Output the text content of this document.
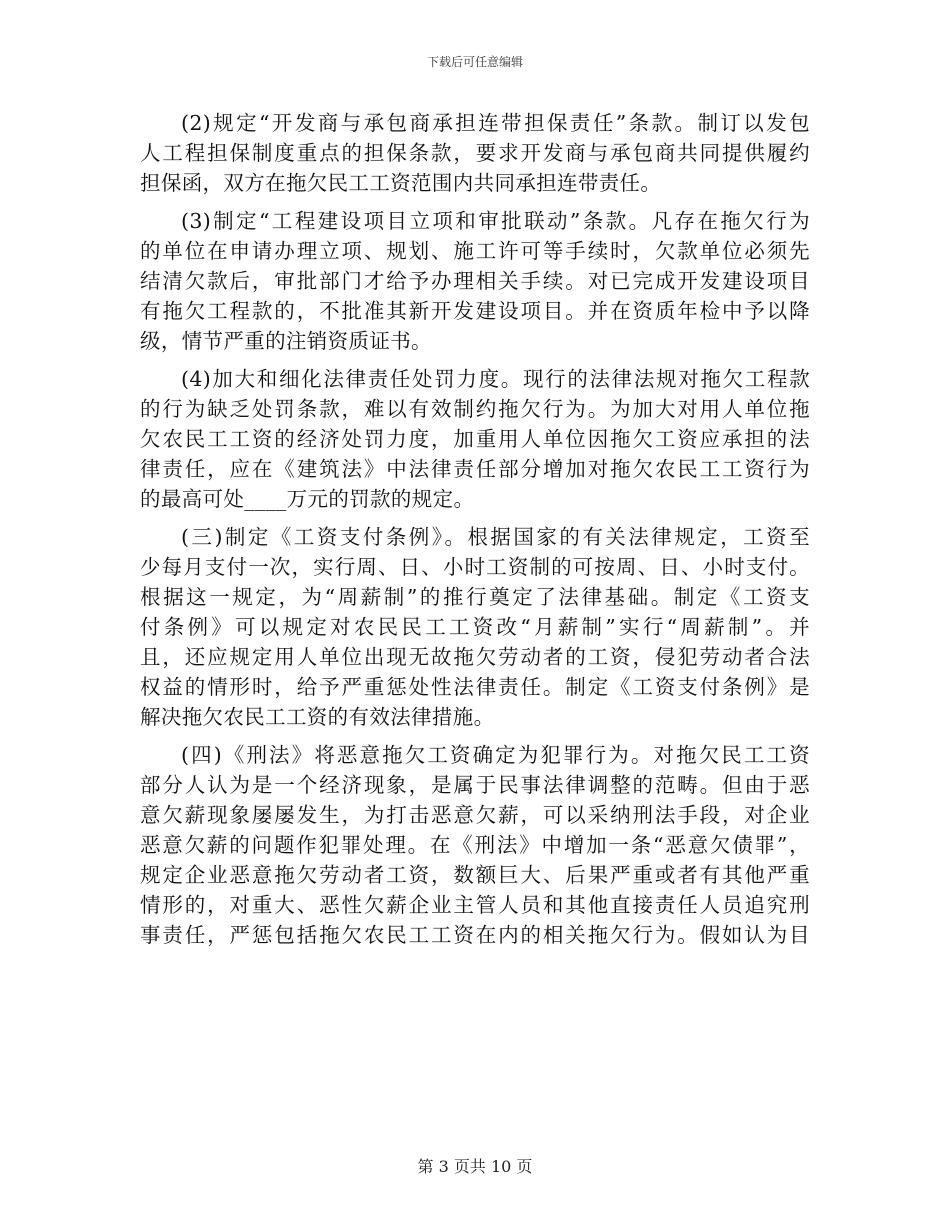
下载后可任意编辑
(2)规定“开发商与承包商承担连带担保责任”条款。制订以发包
人工程担保制度重点的担保条款，要求开发商与承包商共同提供履约
担保函，双方在拖欠民工工资范围内共同承担连带责任。
(3)制定“工程建设项目立项和审批联动”条款。凡存在拖欠行为
的单位在申请办理立项、规划、施工许可等手续时，欠款单位必须先
结清欠款后，审批部门才给予办理相关手续。对已完成开发建设项目
有拖欠工程款的，不批准其新开发建设项目。并在资质年检中予以降
级，情节严重的注销资质证书。
(4)加大和细化法律责任处罚力度。现行的法律法规对拖欠工程款
的行为缺乏处罚条款，难以有效制约拖欠行为。为加大对用人单位拖
欠农民工工资的经济处罚力度，加重用人单位因拖欠工资应承担的法
律责任，应在《建筑法》中法律责任部分增加对拖欠农民工工资行为
的最高可处____万元的罚款的规定。
(三)制定《工资支付条例》。根据国家的有关法律规定，工资至
少每月支付一次，实行周、日、小时工资制的可按周、日、小时支付。
根据这一规定，为“周薪制”的推行奠定了法律基础。制定《工资支
付条例》可以规定对农民民工工资改“月薪制”实行“周薪制”。并
且，还应规定用人单位出现无故拖欠劳动者的工资，侵犯劳动者合法
权益的情形时，给予严重惩处性法律责任。制定《工资支付条例》是
解决拖欠农民工工资的有效法律措施。
(四)《刑法》将恶意拖欠工资确定为犯罪行为。对拖欠民工工资
部分人认为是一个经济现象，是属于民事法律调整的范畴。但由于恶
意欠薪现象屡屡发生，为打击恶意欠薪，可以采纳刑法手段，对企业
恶意欠薪的问题作犯罪处理。在《刑法》中增加一条“恶意欠债罪”，
规定企业恶意拖欠劳动者工资，数额巨大、后果严重或者有其他严重
情形的，对重大、恶性欠薪企业主管人员和其他直接责任人员追究刑
事责任，严惩包括拖欠农民工工资在内的相关拖欠行为。假如认为目
第 3 页共 10 页
